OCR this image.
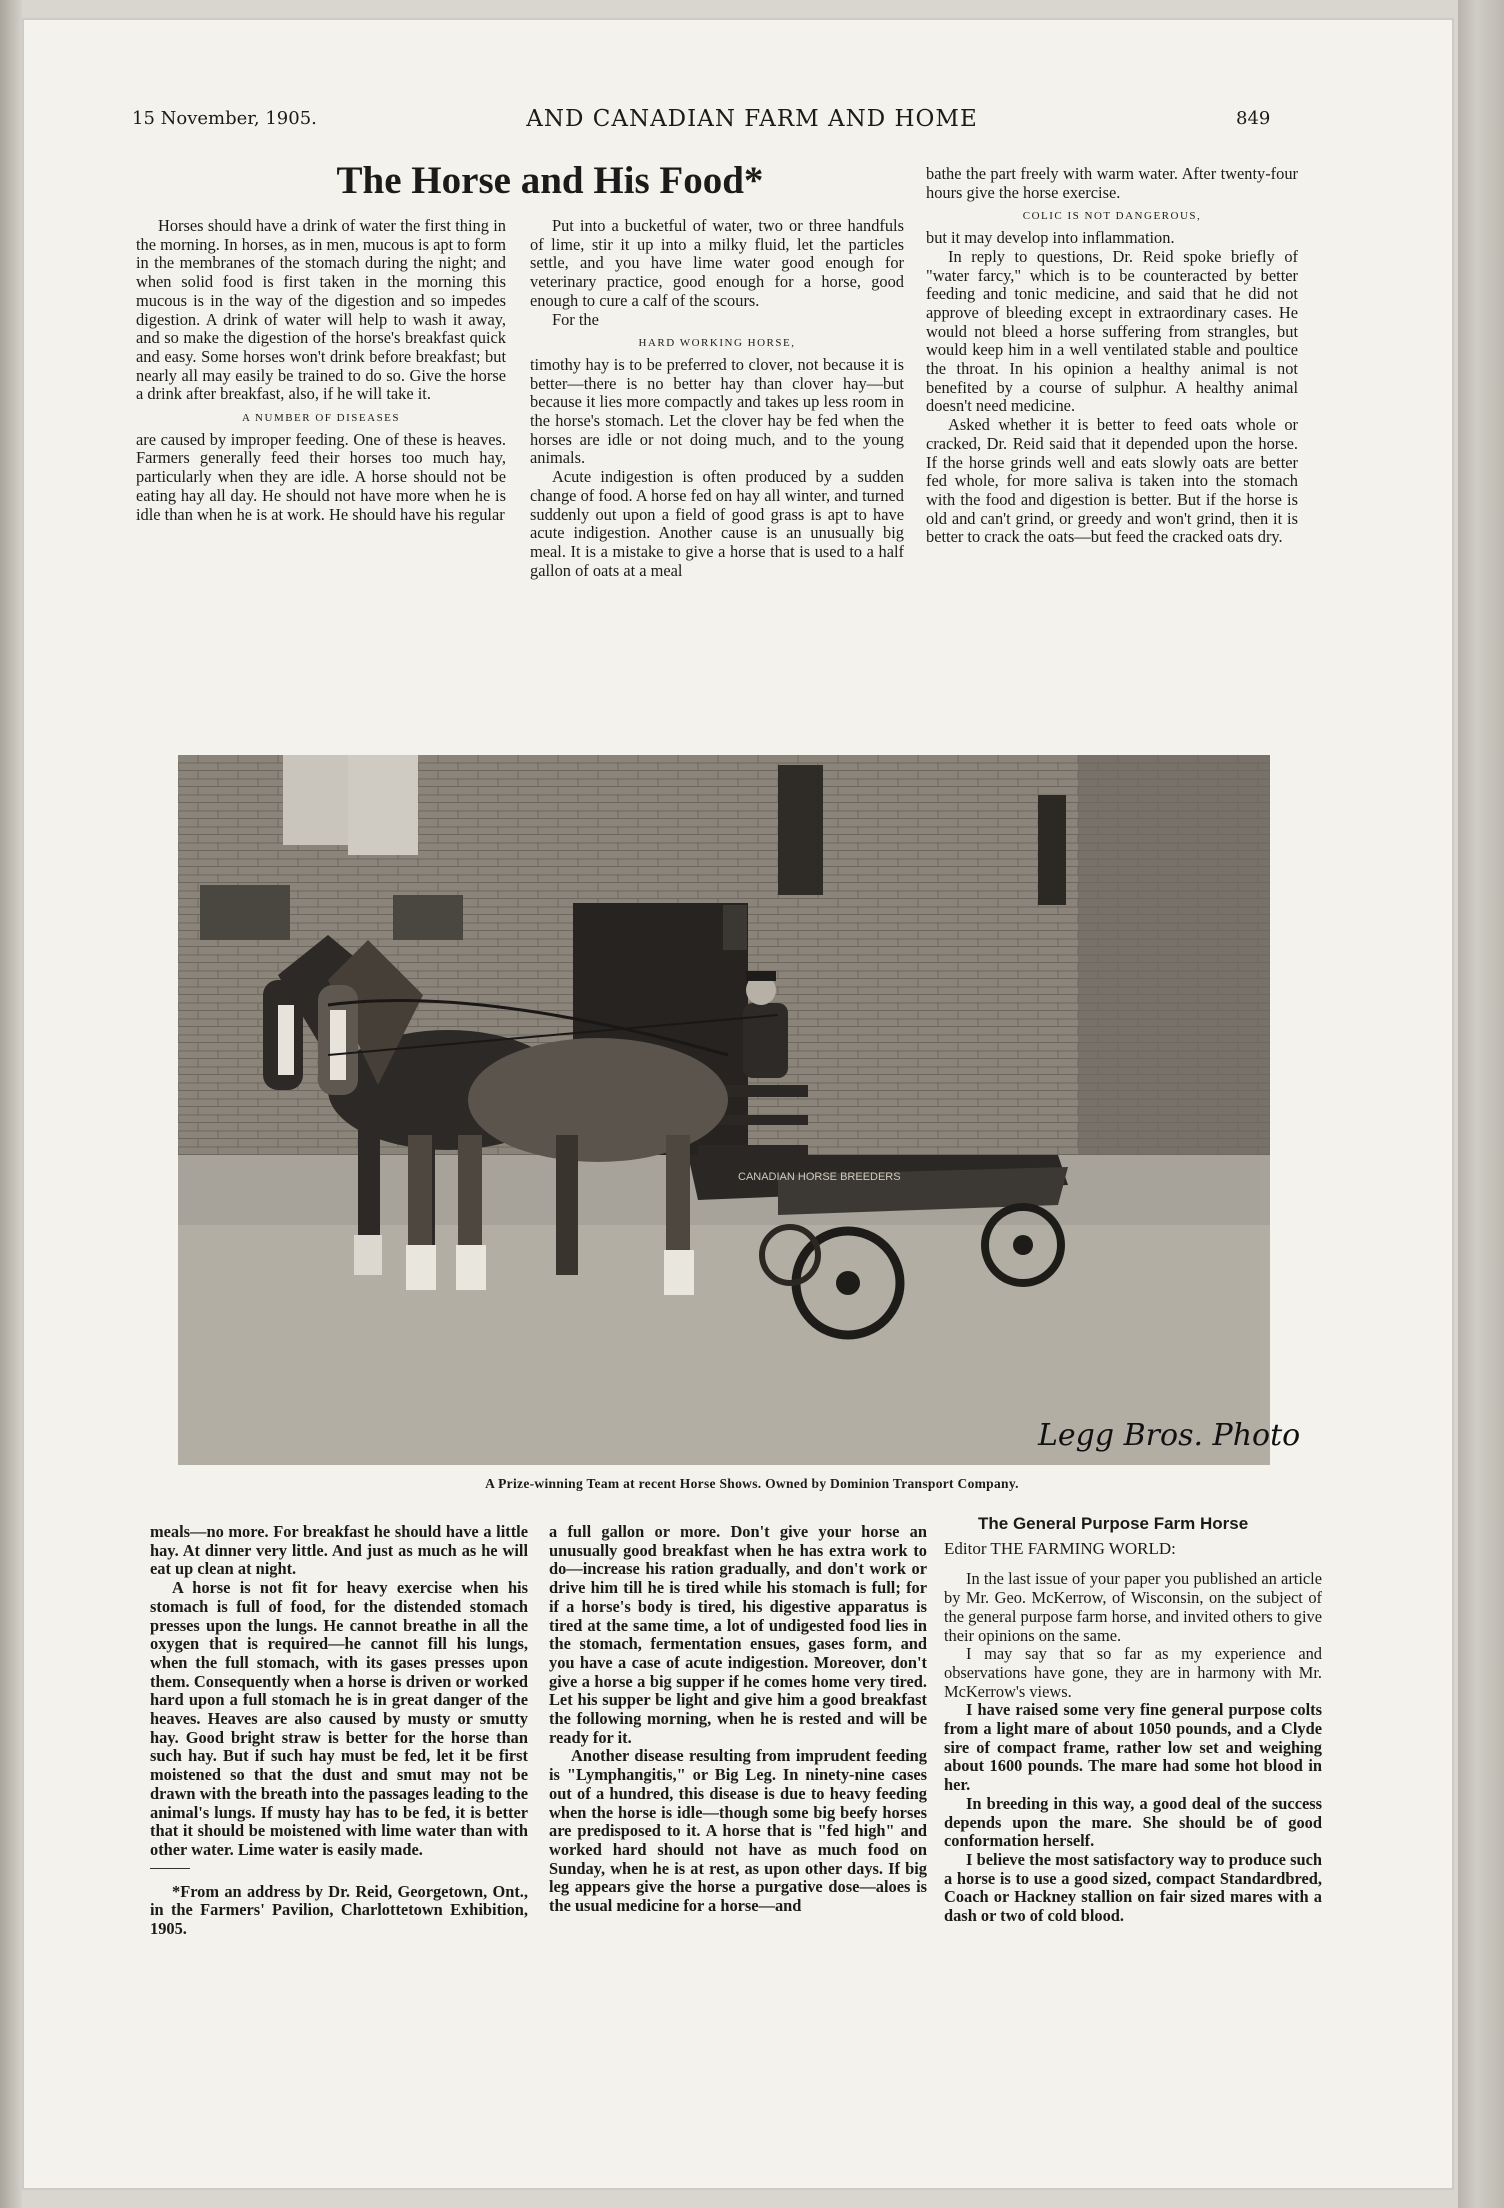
15 November, 1905.	AND CANADIAN FARM AND HOME	849
The Horse and His Food*

Horses should have a drink of water the first thing in the morning. In horses, as in men, mucous is apt to form in the membranes of the stomach during the night; and when solid food is first taken in the morning this mucous is in the way of the digestion and so impedes digestion. A drink of water will help to wash it away, and so make the digestion of the horse's breakfast quick and easy. Some horses won't drink before breakfast; but nearly all may easily be trained to do so. Give the horse a drink after breakfast, also, if he will take it.

A NUMBER OF DISEASES

are caused by improper feeding. One of these is heaves. Farmers generally feed their horses too much hay, particularly when they are idle. A horse should not be eating hay all day. He should not have more when he is idle than when he is at work. He should have his regular

Put into a bucketful of water, two or three handfuls of lime, stir it up into a milky fluid, let the particles settle, and you have lime water good enough for veterinary practice, good enough for a horse, good enough to cure a calf of the scours.

For the

HARD WORKING HORSE,

timothy hay is to be preferred to clover, not because it is better—there is no better hay than clover hay—but because it lies more compactly and takes up less room in the horse's stomach. Let the clover hay be fed when the horses are idle or not doing much, and to the young animals.

Acute indigestion is often produced by a sudden change of food. A horse fed on hay all winter, and turned suddenly out upon a field of good grass is apt to have acute indigestion. Another cause is an unusually big meal. It is a mistake to give a horse that is used to a half gallon of oats at a meal

bathe the part freely with warm water. After twenty-four hours give the horse exercise.

COLIC IS NOT DANGEROUS,

but it may develop into inflammation.

In reply to questions, Dr. Reid spoke briefly of "water farcy," which is to be counteracted by better feeding and tonic medicine, and said that he did not approve of bleeding except in extraordinary cases. He would not bleed a horse suffering from strangles, but would keep him in a well ventilated stable and poultice the throat. In his opinion a healthy animal is not benefited by a course of sulphur. A healthy animal doesn't need medicine.

Asked whether it is better to feed oats whole or cracked, Dr. Reid said that it depended upon the horse. If the horse grinds well and eats slowly oats are better fed whole, for more saliva is taken into the stomach with the food and digestion is better. But if the horse is old and can't grind, or greedy and won't grind, then it is better to crack the oats—but feed the cracked oats dry.

CANADIAN HORSE BREEDERS
Legg Bros. Photo
A Prize-winning Team at recent Horse Shows. Owned by Dominion Transport Company.

meals—no more. For breakfast he should have a little hay. At dinner very little. And just as much as he will eat up clean at night.

A horse is not fit for heavy exercise when his stomach is full of food, for the distended stomach presses upon the lungs. He cannot breathe in all the oxygen that is required—he cannot fill his lungs, when the full stomach, with its gases presses upon them. Consequently when a horse is driven or worked hard upon a full stomach he is in great danger of the heaves. Heaves are also caused by musty or smutty hay. Good bright straw is better for the horse than such hay. But if such hay must be fed, let it be first moistened so that the dust and smut may not be drawn with the breath into the passages leading to the animal's lungs. If musty hay has to be fed, it is better that it should be moistened with lime water than with other water. Lime water is easily made.

*From an address by Dr. Reid, Georgetown, Ont., in the Farmers' Pavilion, Charlottetown Exhibition, 1905.

a full gallon or more. Don't give your horse an unusually good breakfast when he has extra work to do—increase his ration gradually, and don't work or drive him till he is tired while his stomach is full; for if a horse's body is tired, his digestive apparatus is tired at the same time, a lot of undigested food lies in the stomach, fermentation ensues, gases form, and you have a case of acute indigestion. Moreover, don't give a horse a big supper if he comes home very tired. Let his supper be light and give him a good breakfast the following morning, when he is rested and will be ready for it.

Another disease resulting from imprudent feeding is "Lymphangitis," or Big Leg. In ninety-nine cases out of a hundred, this disease is due to heavy feeding when the horse is idle—though some big beefy horses are predisposed to it. A horse that is "fed high" and worked hard should not have as much food on Sunday, when he is at rest, as upon other days. If big leg appears give the horse a purgative dose—aloes is the usual medicine for a horse—and

The General Purpose Farm Horse

Editor THE FARMING WORLD:

In the last issue of your paper you published an article by Mr. Geo. McKerrow, of Wisconsin, on the subject of the general purpose farm horse, and invited others to give their opinions on the same.

I may say that so far as my experience and observations have gone, they are in harmony with Mr. McKerrow's views.

I have raised some very fine general purpose colts from a light mare of about 1050 pounds, and a Clyde sire of compact frame, rather low set and weighing about 1600 pounds. The mare had some hot blood in her.

In breeding in this way, a good deal of the success depends upon the mare. She should be of good conformation herself.

I believe the most satisfactory way to produce such a horse is to use a good sized, compact Standardbred, Coach or Hackney stallion on fair sized mares with a dash or two of cold blood.
